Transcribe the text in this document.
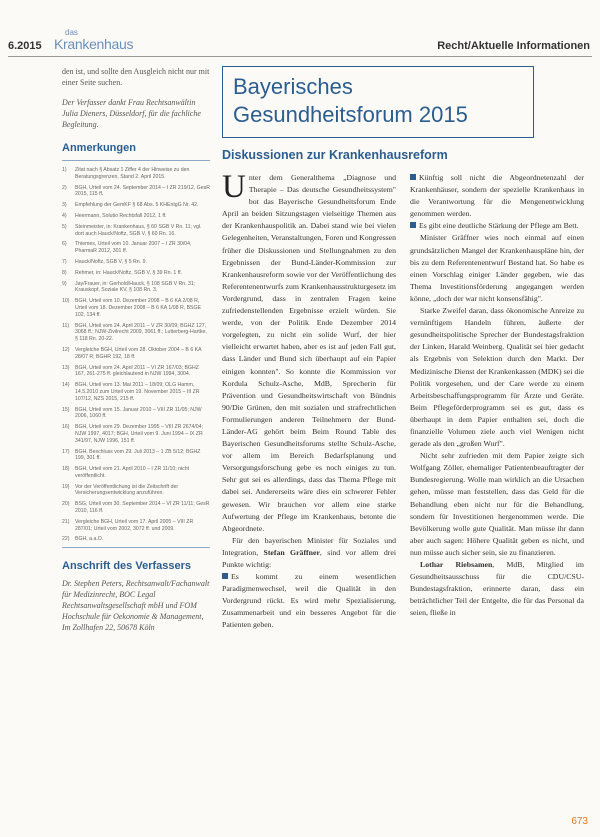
6.2015
das
Krankenhaus	Recht/Aktuelle Informationen

den ist, und sollte den Ausgleich nicht nur mit einer Seite suchen.

Der Verfasser dankt Frau Rechtsanwältin Julia Dieners, Düsseldorf, für die fachliche Begleitung.

Anmerkungen
1) Zitat nach § Absatz 1 Ziffer 4 der Hinweise zu den Beratungsgrenzen, Stand 2. April 2015.
2) BGH, Urteil vom 24. September 2014 – I ZR 219/12, GesR 2015, 115 ff.
3) Empfehlung der GemKF § 68 Abs. 5 KHEntgG Nr. 42.
4) Heermann, Solutio Rechtsfall 2012, 1 ff.
5) Steinmeister, in: Krankenhaus, § 60 SGB V Rn. 11; vgl. dort auch Hauck/Noftz, SGB V, § 60 Rn. 16.
6) Thiemes, Urteil vom 10. Januar 2007 – I ZR 30/04, PharmaR 2012, 301 ff.
7) Hauck/Noftz, SGB V, § 5 Rn. 9.
8) Rehmer, in: Hauck/Noftz, SGB V, § 39 Rn. 1 ff.
9) Jay/Frauer, in: Gerhold/Hauck, § 108 SGB V Rn. 31; Krauskopf, Soziale KV, § 108 Rn. 3.
10) BGH, Urteil vom 10. Dezember 2008 – B 6 KA 2/08 R, Urteil vom 18. Dezember 2008 – B 6 KA 1/08 R, BSGE 102, 134 ff.
11) BGH, Urteil vom 24. April 2011 – V ZR 30/09; BGHZ 127, 3068 ff.; NJW-Zivilrecht 2009, 3061 ff.; Lutterberg-Hartke, § 118 Rn. 20-22.
12) Vergleiche BGH, Urteil vom 28. Oktober 2004 – B 6 KA 28/07 R; BGHR 192, 18 ff.
13) BGH, Urteil vom 24. April 2011 – VI ZR 167/03; BGHZ 167, 261-275 ff. gleichlautend in NJW 1994, 3004.
14) BGH, Urteil vom 13. Mai 2011 – 18/09; OLG Hamm, 14.5.2010 zum Urteil vom 19. November 2015 – III ZR 107/12, NZS 2015, 215 ff.
15) BGH, Urteil vom 15. Januar 2010 – VIII ZR 11/05; NJW 2006, 1060 ff.
16) BGH, Urteil vom 29. Dezember 1995 – VIII ZR 2674/04; NJW 1997, 4017; BGH, Urteil vom 9. Juni 1994 – IX ZR 341/97, NJW 1996, 151 ff.
17) BGH, Beschluss vom 29. Juli 2013 – 1 ZB 5/12; BGHZ 199, 301 ff.
18) BGH, Urteil vom 21. April 2010 – I ZR 11/10; nicht veröffentlicht.
19) Vor der Veröffentlichung ist die Zeitschrift der Versicherungsentwicklung anzuführen.
20) BSG, Urteil vom 30. September 2014 – VI ZR 11/11; GesR 2010, 116 ff.
21) Vergleiche BGH, Urteil vom 17. April 2005 – VIII ZR 287/01; Urteil vom 2002, 3072 ff. und 2009.
22) BGH, a.a.O.
Anschrift des Verfassers
Dr. Stephen Peters, Rechtsanwalt/Fachanwalt für Medizinrecht, BOC Legal Rechtsanwaltsgesellschaft mbH und FOM Hochschule für Oekonomie & Management, Im Zollhafen 22, 50678 Köln
Bayerisches
Gesundheitsforum 2015
Diskussionen zur Krankenhausreform

Unter dem Generalthema „Diagnose und Therapie – Das deutsche Gesundheitssystem" bot das Bayerische Gesundheitsforum Ende April an beiden Sitzungstagen vielseitige Themen aus der Krankenhauspolitik an. Dabei stand wie bei vielen Gelegenheiten, Veranstaltungen, Foren und Kongressen früher die Diskussionen und Stellungnahmen zu den Ergebnissen der Bund-Länder-Kommission zur Krankenhausreform sowie vor der Veröffentlichung des Referentenentwurfs zum Krankenhausstrukturgesetz im Vordergrund, dass in zentralen Fragen keine zufriedenstellenden Ergebnisse erzielt würden. Sie werde, von der Politik Ende Dezember 2014 vorgelegten, zu nicht ein solide Wurf, der hier vielleicht erwartet haben, aber es ist auf jeden Fall gut, dass Länder und Bund sich überhaupt auf ein Papier einigen konnten". So konnte die Kommission vor Kordula Schulz-Asche, MdB, Sprecherin für Prävention und Gesundheitswirtschaft von Bündnis 90/Die Grünen, den mit sozialen und strafrechtlichen Formulierungen anderen Teilnehmern der Bund-Länder-AG gehört beim Beim Round Table des Bayerischen Gesundheitsforums stellte Schulz-Asche, vor allem im Bereich Bedarfsplanung und Versorgungsforschung gebe es noch einiges zu tun. Sehr gut sei es allerdings, dass das Thema Pflege mit dabei sei. Andererseits wäre dies ein schwerer Fehler gewesen. Wir brauchen vor allem eine starke Aufwertung der Pflege im Krankenhaus, betonte die Abgeordnete.

Für den bayerischen Minister für Soziales und Integration, Stefan Gräffner, sind vor allem drei Punkte wichtig:

Es kommt zu einem wesentlichen Paradigmenwechsel, weil die Qualität in den Vordergrund rückt. Es wird mehr Spezialisierung, Zusammenarbeit und ein besseres Angebot für die Patienten geben.

Künftig soll nicht die Abgeordnetenzahl der Krankenhäuser, sondern der spezielle Krankenhaus in die Verantwortung für die Mengenentwicklung genommen werden.

Es gibt eine deutliche Stärkung der Pflege am Bett.

Minister Gräffner wies noch einmal auf einen grundsätzlichen Mangel der Krankenhauspläne hin, der bis zu dem Referentenentwurf Bestand hat. So habe es einen Vorschlag einiger Länder gegeben, wie das Thema Investitionsförderung angegangen werden könne, „doch der war nicht konsensfähig".

Starke Zweifel daran, dass ökonomische Anreize zu vernünftigem Handeln führen, äußerte der gesundheitspolitische Sprecher der Bundestagsfraktion der Linken, Harald Weinberg. Qualität sei hier gedacht als Ergebnis von Selektion durch den Markt. Der Medizinische Dienst der Krankenkassen (MDK) sei die Politik vorgesehen, und der Care werde zu einem Arbeitsbeschaffungsprogramm für Ärzte und Geräte. Beim Pflegeförderprogramm sei es gut, dass es überhaupt in dem Papier enthalten sei, doch die finanzielle Volumen ziele auch viel Wenigen nicht gerade als den „großen Wurf".

Nicht sehr zufrieden mit dem Papier zeigte sich Wolfgang Zöller, ehemaliger Patientenbeauftragter der Bundesregierung. Wolle man wirklich an die Ursachen gehen, müsse man feststellen, dass das Geld für die Behandlung eben nicht nur für die Behandlung, sondern für Investitionen hergenommen werde. Die Bevölkerung wolle gute Qualität. Man müsse ihr dann aber auch sagen: Höhere Qualität geben es nicht, und nun müsse auch sicher sein, sie zu finanzieren.

Lothar Riebsamen, MdB, Mitglied im Gesundheitsausschuss für die CDU/CSU-Bundestagsfraktion, erinnerte daran, dass ein beträchtlicher Teil der Entgelte, die für das Personal da seien, fließe in

673
